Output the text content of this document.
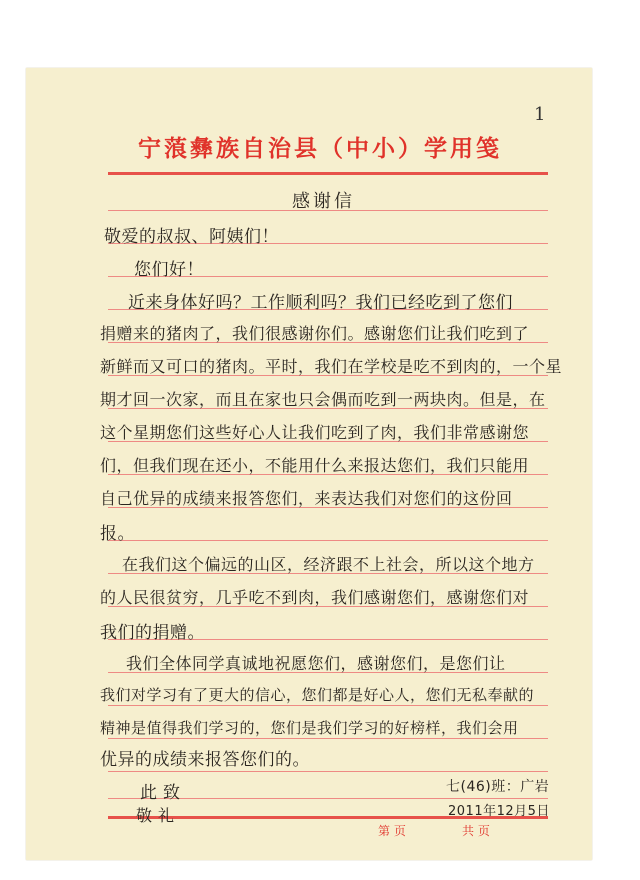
1
宁蒗彝族自治县（中小）学用笺
感谢信
敬爱的叔叔、阿姨们！
您们好！
近来身体好吗？工作顺利吗？我们已经吃到了您们
捐赠来的猪肉了，我们很感谢你们。感谢您们让我们吃到了
新鲜而又可口的猪肉。平时，我们在学校是吃不到肉的，一个星
期才回一次家，而且在家也只会偶而吃到一两块肉。但是，在
这个星期您们这些好心人让我们吃到了肉，我们非常感谢您
们，但我们现在还小，不能用什么来报达您们，我们只能用
自己优异的成绩来报答您们，来表达我们对您们的这份回
报。
在我们这个偏远的山区，经济跟不上社会，所以这个地方
的人民很贫穷，几乎吃不到肉，我们感谢您们，感谢您们对
我们的捐赠。
我们全体同学真诚地祝愿您们，感谢您们，是您们让
我们对学习有了更大的信心，您们都是好心人，您们无私奉献的
精神是值得我们学习的，您们是我们学习的好榜样，我们会用
优异的成绩来报答您们的。
此致	七(46)班：广岩
敬礼	2011年12月5日
第 页	共 页
